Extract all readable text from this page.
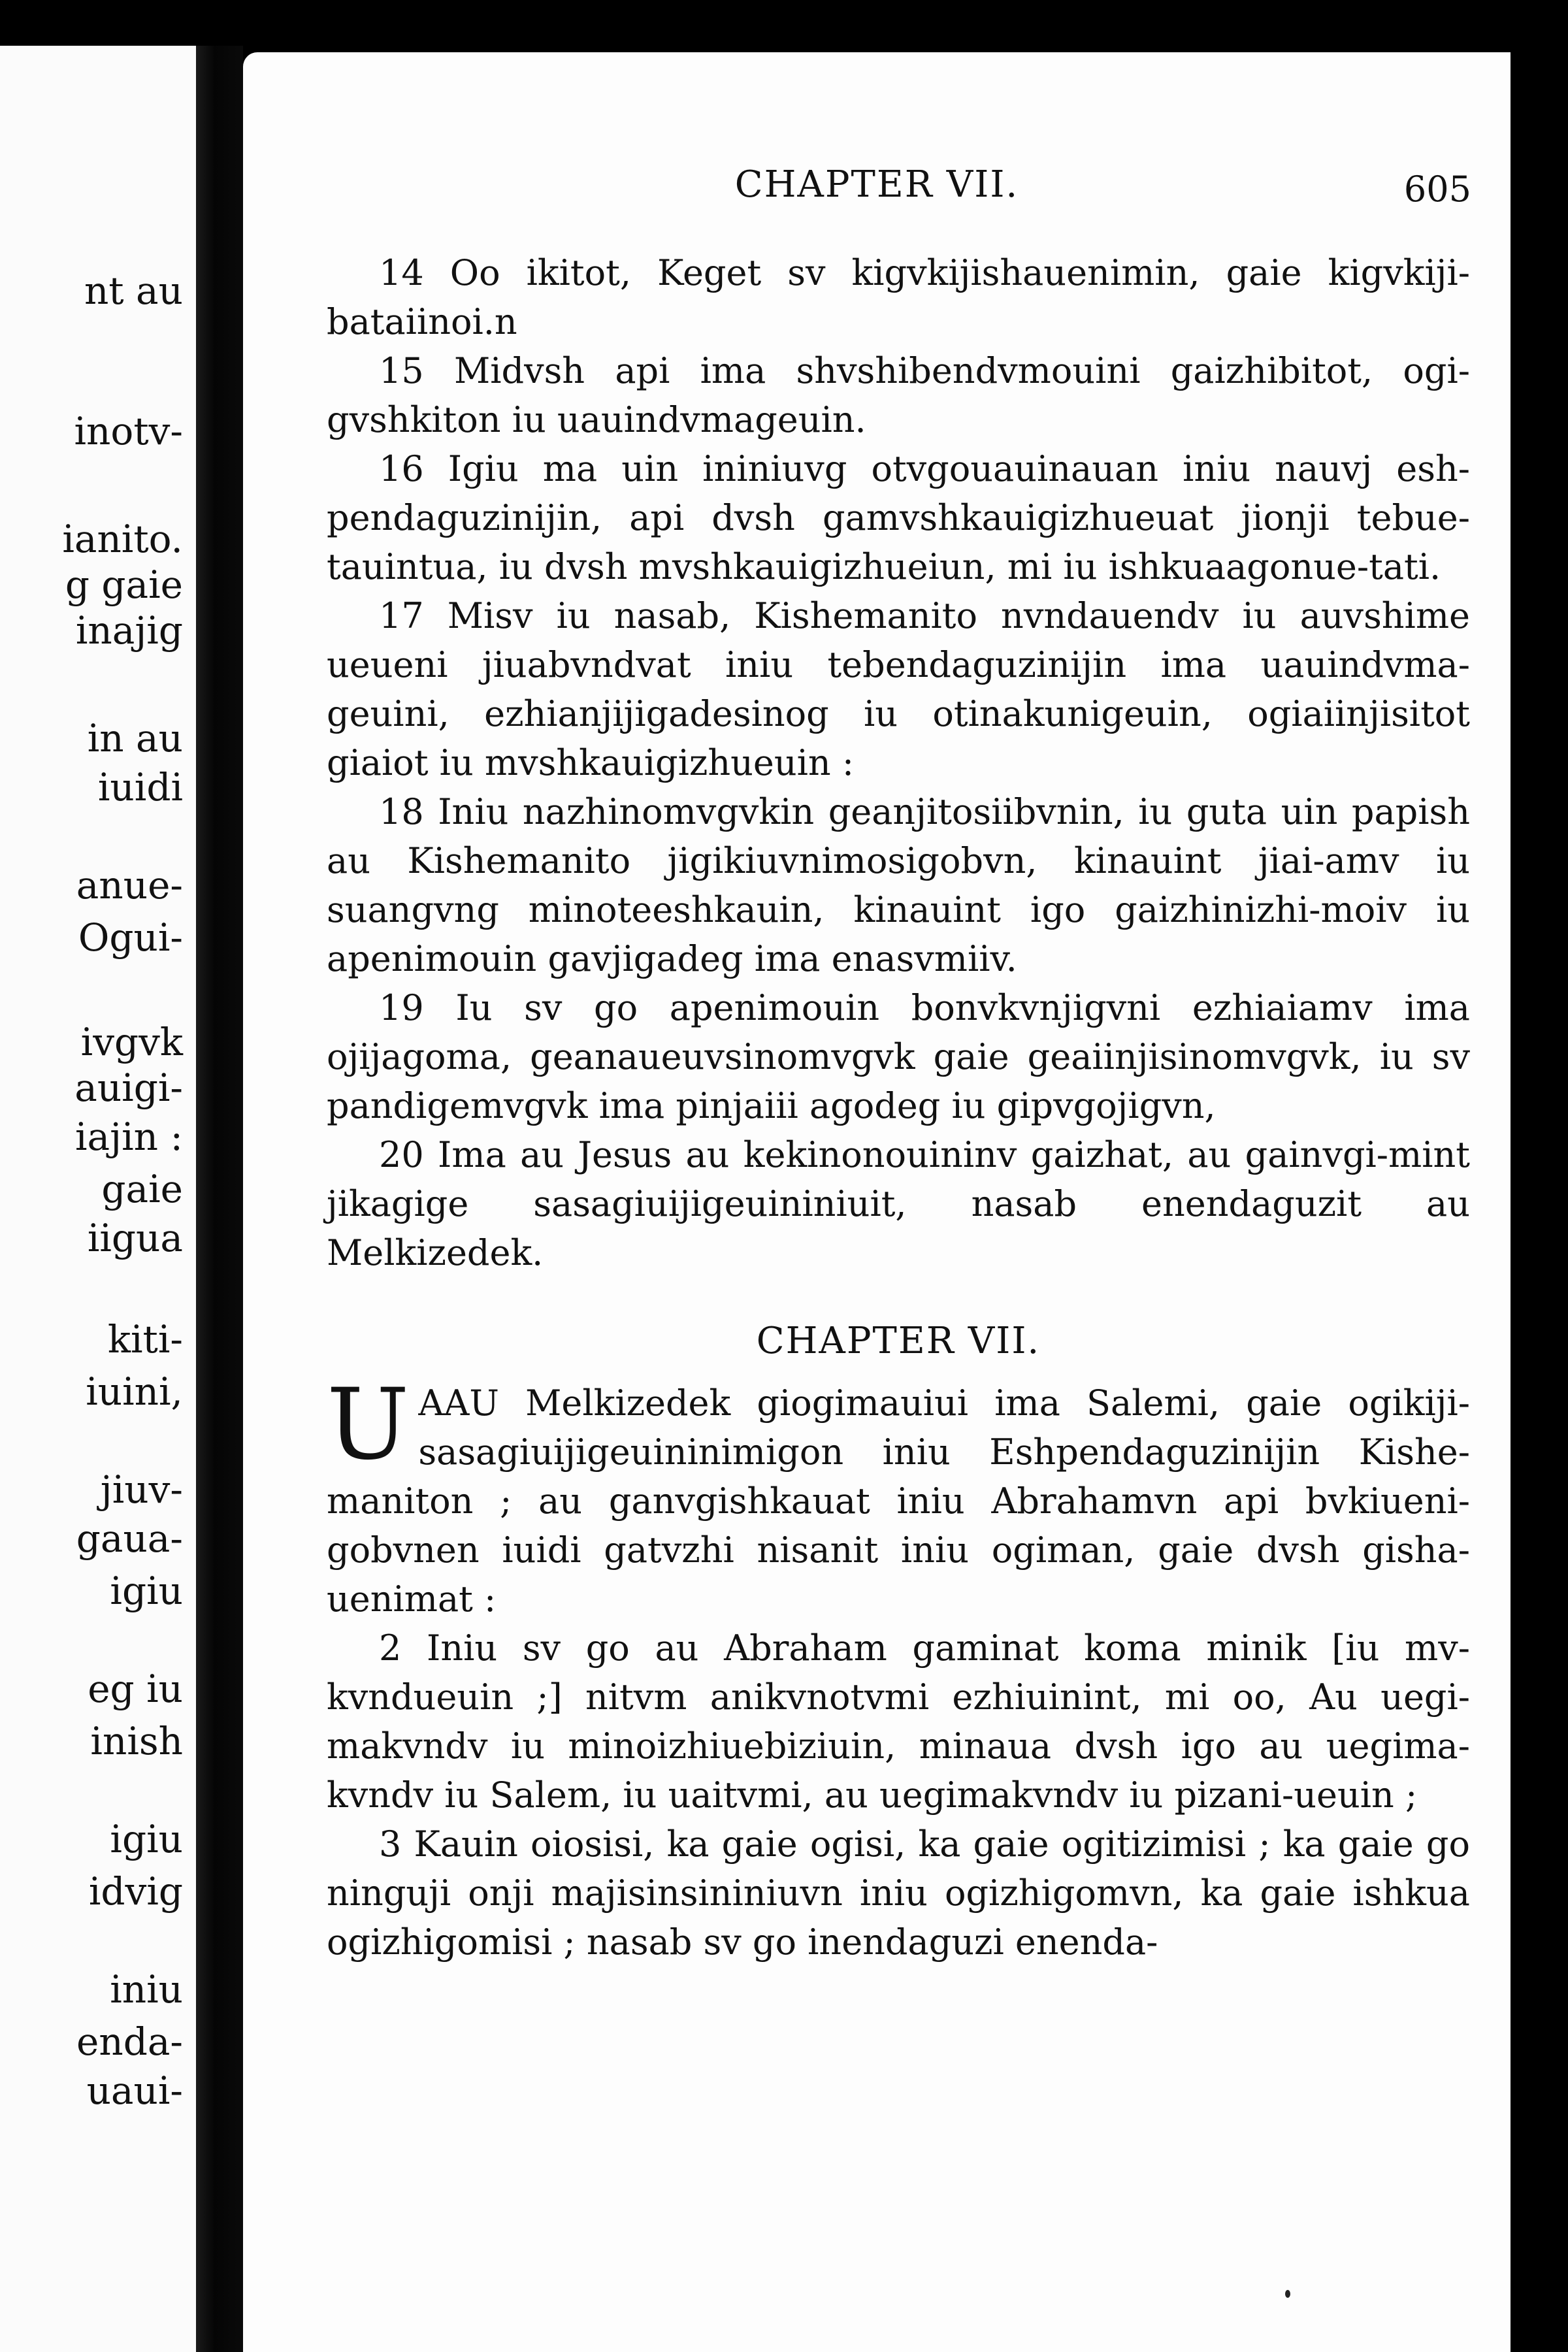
nt au
inotv-
ianito.
g gaie
inajig
in au
iuidi
anue-
Ogui-
ivgvk
auigi-
iajin :
gaie
iigua
kiti-
iuini,
jiuv-
gaua-
igiu
eg iu
inish
igiu
idvig
iniu
enda-
uaui-
CHAPTER VII.	605

14 Oo ikitot, Keget sv kigvkijishauenimin, gaie kigvkiji-bataiinoi.n

15 Midvsh api ima shvshibendvmouini gaizhibitot, ogi-gvshkiton iu uauindvmageuin.

16 Igiu ma uin ininiuvg otvgouauinauan iniu nauvj esh-pendaguzinijin, api dvsh gamvshkauigizhueuat jionji tebue-tauintua, iu dvsh mvshkauigizhueiun, mi iu ishkuaagonue-tati.

17 Misv iu nasab, Kishemanito nvndauendv iu auvshime ueueni jiuabvndvat iniu tebendaguzinijin ima uauindvma-geuini, ezhianjijigadesinog iu otinakunigeuin, ogiaiinjisitot giaiot iu mvshkauigizhueuin :

18 Iniu nazhinomvgvkin geanjitosiibvnin, iu guta uin papish au Kishemanito jigikiuvnimosigobvn, kinauint jiai-amv iu suangvng minoteeshkauin, kinauint igo gaizhinizhi-moiv iu apenimouin gavjigadeg ima enasvmiiv.

19 Iu sv go apenimouin bonvkvnjigvni ezhiaiamv ima ojijagoma, geanaueuvsinomvgvk gaie geaiinjisinomvgvk, iu sv pandigemvgvk ima pinjaiii agodeg iu gipvgojigvn,

20 Ima au Jesus au kekinonouininv gaizhat, au gainvgi-mint jikagige sasagiuijigeuininiuit, nasab enendaguzit au Melkizedek.

CHAPTER VII.

UAAU Melkizedek giogimauiui ima Salemi, gaie ogikiji-sasagiuijigeuininimigon iniu Eshpendaguzinijin Kishe-maniton ; au ganvgishkauat iniu Abrahamvn api bvkiueni-gobvnen iuidi gatvzhi nisanit iniu ogiman, gaie dvsh gisha-uenimat :

2 Iniu sv go au Abraham gaminat koma minik [iu mv-kvndueuin ;] nitvm anikvnotvmi ezhiuinint, mi oo, Au uegi-makvndv iu minoizhiuebiziuin, minaua dvsh igo au uegima-kvndv iu Salem, iu uaitvmi, au uegimakvndv iu pizani-ueuin ;

3 Kauin oiosisi, ka gaie ogisi, ka gaie ogitizimisi ; ka gaie go ninguji onji majisinsininiuvn iniu ogizhigomvn, ka gaie ishkua ogizhigomisi ; nasab sv go inendaguzi enenda-
